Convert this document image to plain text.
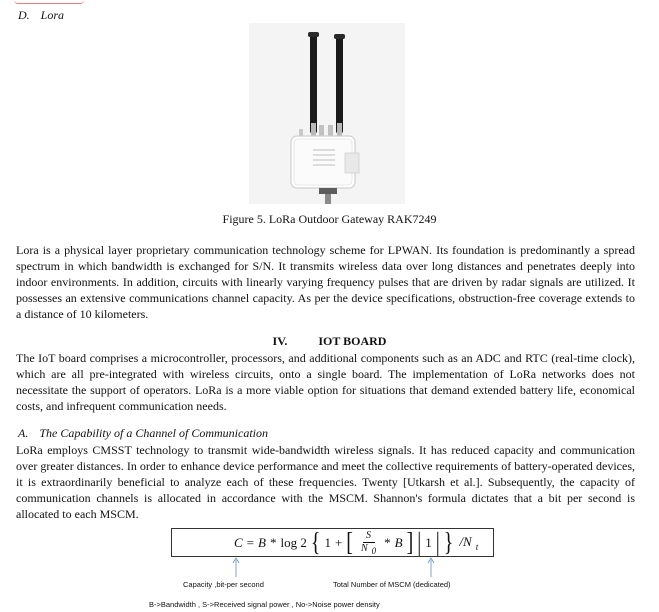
D. Lora
Figure 5. LoRa Outdoor Gateway RAK7249

Lora is a physical layer proprietary communication technology scheme for LPWAN. Its foundation is predominantly a spread spectrum in which bandwidth is exchanged for S/N. It transmits wireless data over long distances and penetrates deeply into indoor environments. In addition, circuits with linearly varying frequency pulses that are driven by radar signals are utilized. It possesses an extensive communications channel capacity. As per the device specifications, obstruction-free coverage extends to a distance of 10 kilometers.

IV.	IOT BOARD

The IoT board comprises a microcontroller, processors, and additional components such as an ADC and RTC (real-time clock), which are all pre-integrated with wireless circuits, onto a single board. The implementation of LoRa networks does not necessitate the support of operators. LoRa is a more viable option for situations that demand extended battery life, economical costs, and infrequent communication needs.

A. The Capability of a Channel of Communication

LoRa employs CMSST technology to transmit wide-bandwidth wireless signals. It has reduced capacity and communication over greater distances. In order to enhance device performance and meet the collective requirements of battery-operated devices, it is extraordinarily beneficial to analyze each of these frequencies. Twenty [Utkarsh et al.]. Subsequently, the capacity of communication channels is allocated in accordance with the MSCM. Shannon's formula dictates that a bit per second is allocated to each MSCM.

C = B * log 2 { 1 + [ $\frac{S}{N 0}$ * B ] | 1 | } /N $_t$
Capacity ,bit-per second	Total Number of MSCM (dedicated)
B->Bandwidth , S->Received signal power , No->Noise power density
